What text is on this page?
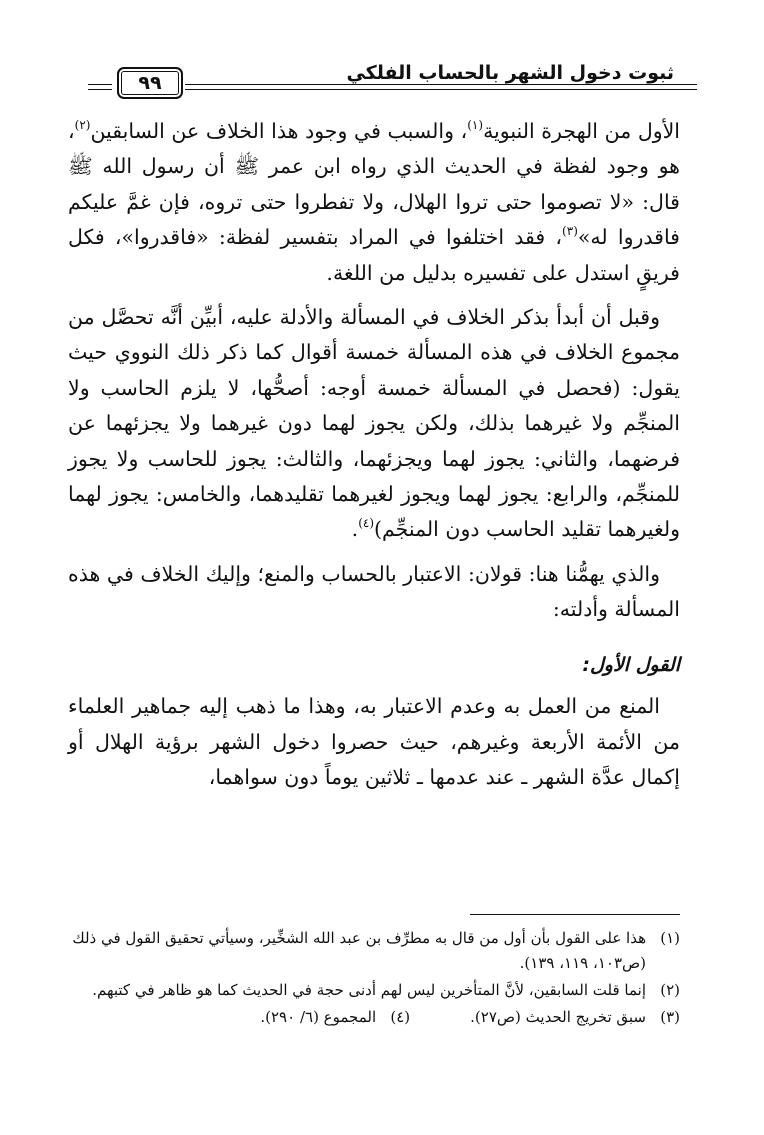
ثبوت دخول الشهر بالحساب الفلكي
٩٩

الأول من الهجرة النبوية$^{(١)}$، والسبب في وجود هذا الخلاف عن السابقين$^{(٢)}$، هو وجود لفظة في الحديث الذي رواه ابن عمر ﷺ أن رسول الله ﷺ قال: «لا تصوموا حتى تروا الهلال، ولا تفطروا حتى تروه، فإن غمَّ عليكم فاقدروا له»$^{(٣)}$، فقد اختلفوا في المراد بتفسير لفظة: «فاقدروا»، فكل فريقٍ استدل على تفسيره بدليل من اللغة.

وقبل أن أبدأ بذكر الخلاف في المسألة والأدلة عليه، أبيِّن أنَّه تحصَّل من مجموع الخلاف في هذه المسألة خمسة أقوال كما ذكر ذلك النووي حيث يقول: (فحصل في المسألة خمسة أوجه: أصحُّها، لا يلزم الحاسب ولا المنجِّم ولا غيرهما بذلك، ولكن يجوز لهما دون غيرهما ولا يجزئهما عن فرضهما، والثاني: يجوز لهما ويجزئهما، والثالث: يجوز للحاسب ولا يجوز للمنجِّم، والرابع: يجوز لهما ويجوز لغيرهما تقليدهما، والخامس: يجوز لهما ولغيرهما تقليد الحاسب دون المنجِّم)$^{(٤)}$.

والذي يهمُّنا هنا: قولان: الاعتبار بالحساب والمنع؛ وإليك الخلاف في هذه المسألة وأدلته:

القول الأول:

المنع من العمل به وعدم الاعتبار به، وهذا ما ذهب إليه جماهير العلماء من الأئمة الأربعة وغيرهم، حيث حصروا دخول الشهر برؤية الهلال أو إكمال عدَّة الشهر ـ عند عدمها ـ ثلاثين يوماً دون سواهما،

(١)
هذا على القول بأن أول من قال به مطرِّف بن عبد الله الشخِّير، وسيأتي تحقيق القول في ذلك (ص١٠٣، ١١٩، ١٣٩).
(٢)
إنما قلت السابقين، لأنَّ المتأخرين ليس لهم أدنى حجة في الحديث كما هو ظاهر في كتبهم.
(٣)
سبق تخريج الحديث (ص٢٧).
(٤)
المجموع (٦/ ٢٩٠).
